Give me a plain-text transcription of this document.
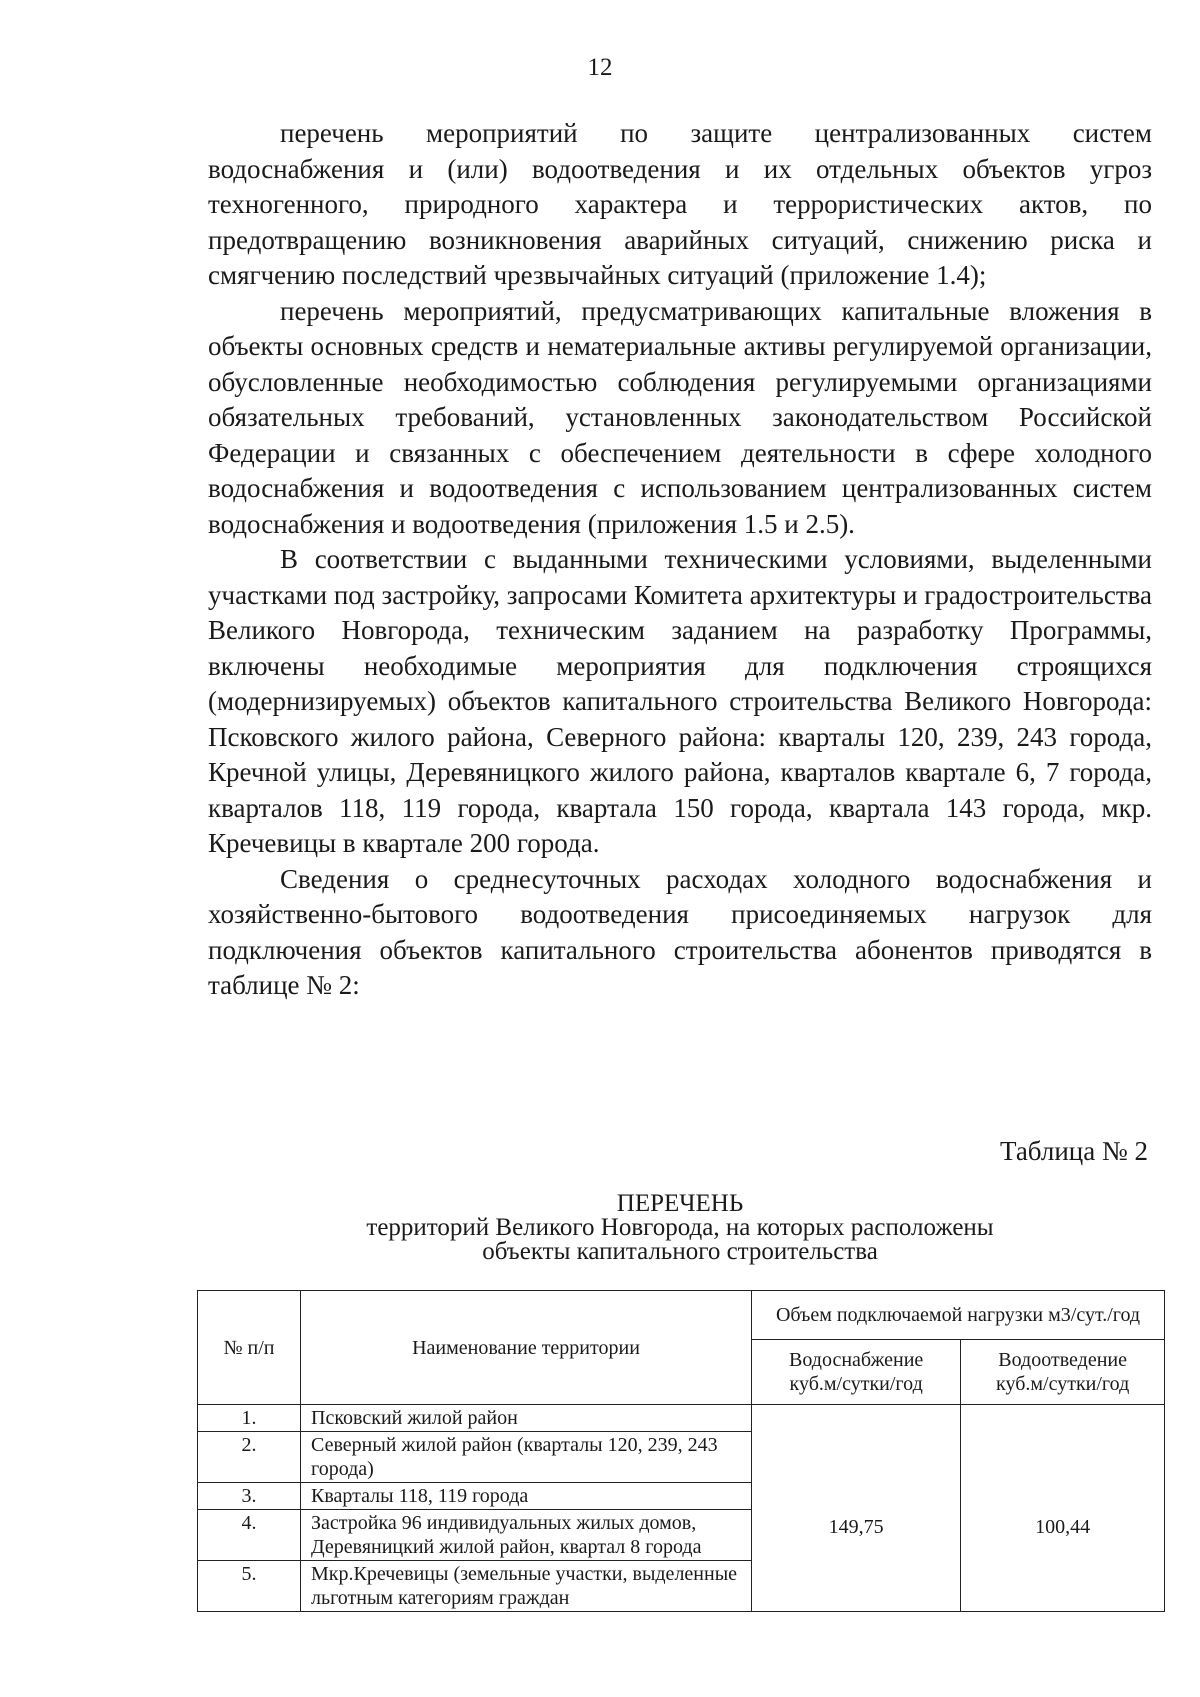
12

перечень мероприятий по защите централизованных систем водоснабжения и (или) водоотведения и их отдельных объектов угроз техногенного, природного характера и террористических актов, по предотвращению возникновения аварийных ситуаций, снижению риска и смягчению последствий чрезвычайных ситуаций (приложение 1.4);

перечень мероприятий, предусматривающих капитальные вложения в объекты основных средств и нематериальные активы регулируемой организации, обусловленные необходимостью соблюдения регулируемыми организациями обязательных требований, установленных законодательством Российской Федерации и связанных с обеспечением деятельности в сфере холодного водоснабжения и водоотведения с использованием централизованных систем водоснабжения и водоотведения (приложения 1.5 и 2.5).

В соответствии с выданными техническими условиями, выделенными участками под застройку, запросами Комитета архитектуры и градостроительства Великого Новгорода, техническим заданием на разработку Программы, включены необходимые мероприятия для подключения строящихся (модернизируемых) объектов капитального строительства Великого Новгорода: Псковского жилого района, Северного района: кварталы 120, 239, 243 города, Кречной улицы, Деревяницкого жилого района, кварталов квартале 6, 7 города, кварталов 118, 119 города, квартала 150 города, квартала 143 города, мкр. Кречевицы в квартале 200 города.

Сведения о среднесуточных расходах холодного водоснабжения и хозяйственно-бытового водоотведения присоединяемых нагрузок для подключения объектов капитального строительства абонентов приводятся в таблице № 2:

Таблица № 2
ПЕРЕЧЕНЬ
территорий Великого Новгорода, на которых расположены
объекты капитального строительства
№ п/п	Наименование территории	Объем подключаемой нагрузки м3/сут./год	
		Водоснабжение куб.м/сутки/год	Водоотведение куб.м/сутки/год
1.	Псковский жилой район	149,75	100,44
2.	Северный жилой район (кварталы 120, 239, 243 города)		
3.	Кварталы 118, 119 города		
4.	Застройка 96 индивидуальных жилых домов, Деревяницкий жилой район, квартал 8 города		
5.	Мкр.Кречевицы (земельные участки, выделенные льготным категориям граждан		
